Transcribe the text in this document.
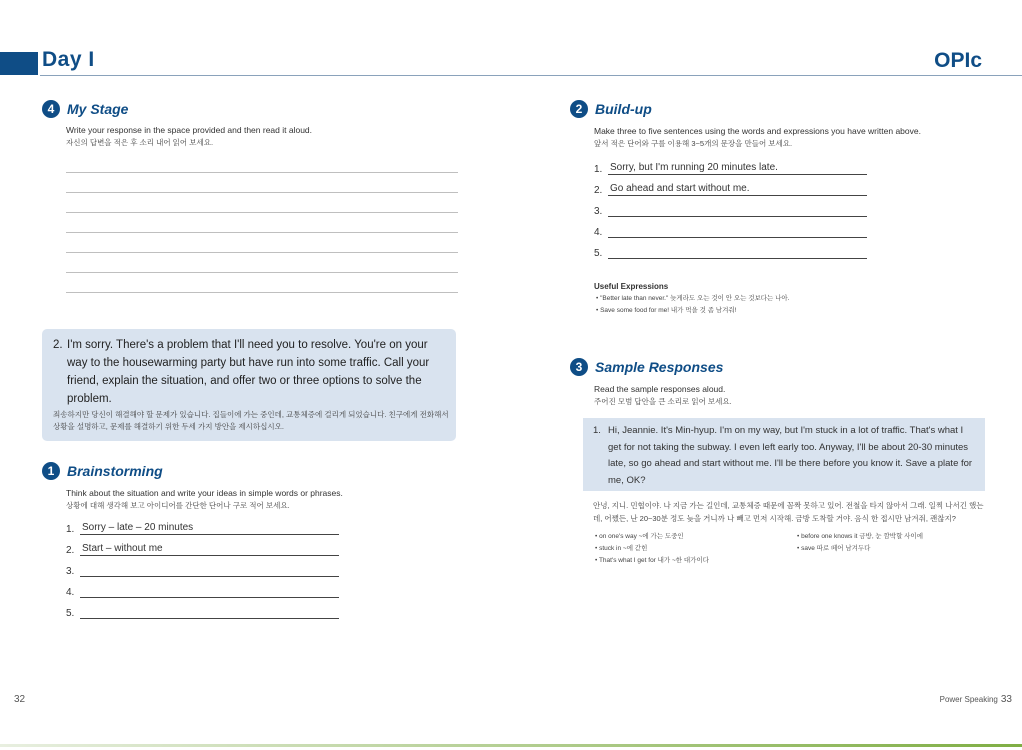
Day I	OPIc
4 My Stage
Write your response in the space provided and then read it aloud.
자신의 답변을 적은 후 소리 내어 읽어 보세요.
2. I'm sorry. There's a problem that I'll need you to resolve. You're on your way to the housewarming party but have run into some traffic. Call your friend, explain the situation, and offer two or three options to solve the problem.
죄송하지만 당신이 해결해야 할 문제가 있습니다. 집들이에 가는 중인데, 교통체증에 걸리게 되었습니다. 친구에게 전화해서 상황을 설명하고, 문제를 해결하기 위한 두세 가지 방안을 제시하십시오.
1 Brainstorming
Think about the situation and write your ideas in simple words or phrases.
상황에 대해 생각해 보고 아이디어를 간단한 단어나 구로 적어 보세요.
1. Sorry – late – 20 minutes
2. Start – without me
3.
4.
5.
32
2 Build-up
Make three to five sentences using the words and expressions you have written above.
앞서 적은 단어와 구를 이용해 3~5개의 문장을 만들어 보세요.
1. Sorry, but I'm running 20 minutes late.
2. Go ahead and start without me.
3.
4.
5.
Useful Expressions
• "Better late than never." 늦게라도 오는 것이 안 오는 것보다는 나아.
• Save some food for me! 내가 먹을 것 좀 남겨줘!
3 Sample Responses
Read the sample responses aloud.
주어진 모범 답안을 큰 소리로 읽어 보세요.
1. Hi, Jeannie. It's Min-hyup. I'm on my way, but I'm stuck in a lot of traffic. That's what I get for not taking the subway. I even left early too. Anyway, I'll be about 20-30 minutes late, so go ahead and start without me. I'll be there before you know it. Save a plate for me, OK?
안녕, 지니. 민협이야. 나 지금 가는 길인데, 교통체증 때문에 꼼짝 못하고 있어. 전철을 타지 않아서 그래. 일찍 나서긴 했는데, 어쨌든, 난 20~30분 정도 늦을 거니까 나 빼고 먼저 시작해. 금방 도착할 거야. 음식 한 접시만 남겨줘, 괜찮지?
• on one's way ~에 가는 도중인
• stuck in ~에 갇힌
• That's what I get for 내가 ~한 대가이다
• before one knows it 금방, 눈 깜박할 사이에
• save 따로 떼어 남겨두다
Power Speaking 33
